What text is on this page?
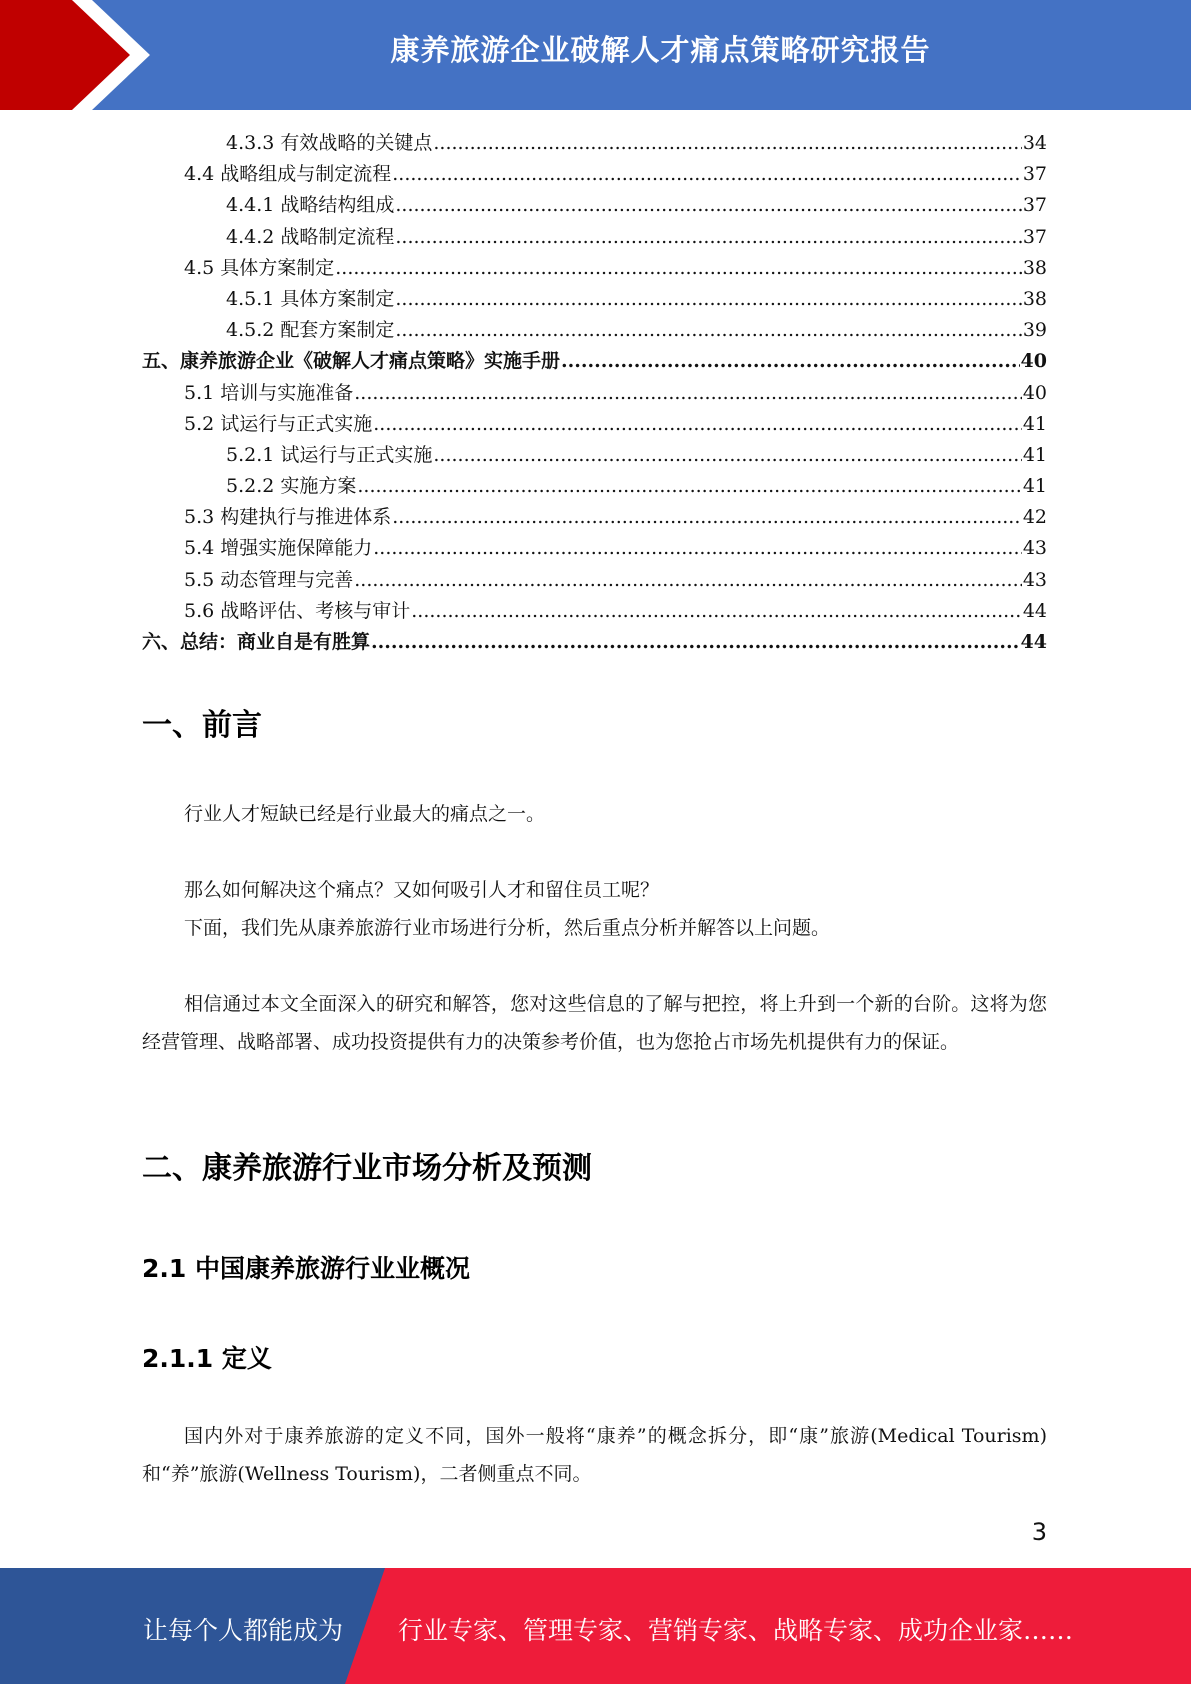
康养旅游企业破解人才痛点策略研究报告
4.3.3 有效战略的关键点 .....	34
4.4 战略组成与制定流程 .....	37
4.4.1 战略结构组成 .....	37
4.4.2 战略制定流程 .....	37
4.5 具体方案制定 .....	38
4.5.1 具体方案制定 .....	38
4.5.2 配套方案制定 .....	39
五、康养旅游企业《破解人才痛点策略》实施手册 .....	40
5.1 培训与实施准备 .....	40
5.2 试运行与正式实施 .....	41
5.2.1 试运行与正式实施 .....	41
5.2.2 实施方案 .....	41
5.3 构建执行与推进体系 .....	42
5.4 增强实施保障能力 .....	43
5.5 动态管理与完善 .....	43
5.6 战略评估、考核与审计 .....	44
六、总结：商业自是有胜算 .....	44
一、前言
行业人才短缺已经是行业最大的痛点之一。
那么如何解决这个痛点？又如何吸引人才和留住员工呢？
下面，我们先从康养旅游行业市场进行分析，然后重点分析并解答以上问题。
相信通过本文全面深入的研究和解答，您对这些信息的了解与把控，将上升到一个新的台阶。这将为您经营管理、战略部署、成功投资提供有力的决策参考价值，也为您抢占市场先机提供有力的保证。
二、康养旅游行业市场分析及预测
2.1 中国康养旅游行业业概况
2.1.1 定义
国内外对于康养旅游的定义不同，国外一般将“康养”的概念拆分，即“康”旅游(Medical Tourism)和“养”旅游(Wellness Tourism)，二者侧重点不同。
3
让每个人都能成为 行业专家、管理专家、营销专家、战略专家、成功企业家……
